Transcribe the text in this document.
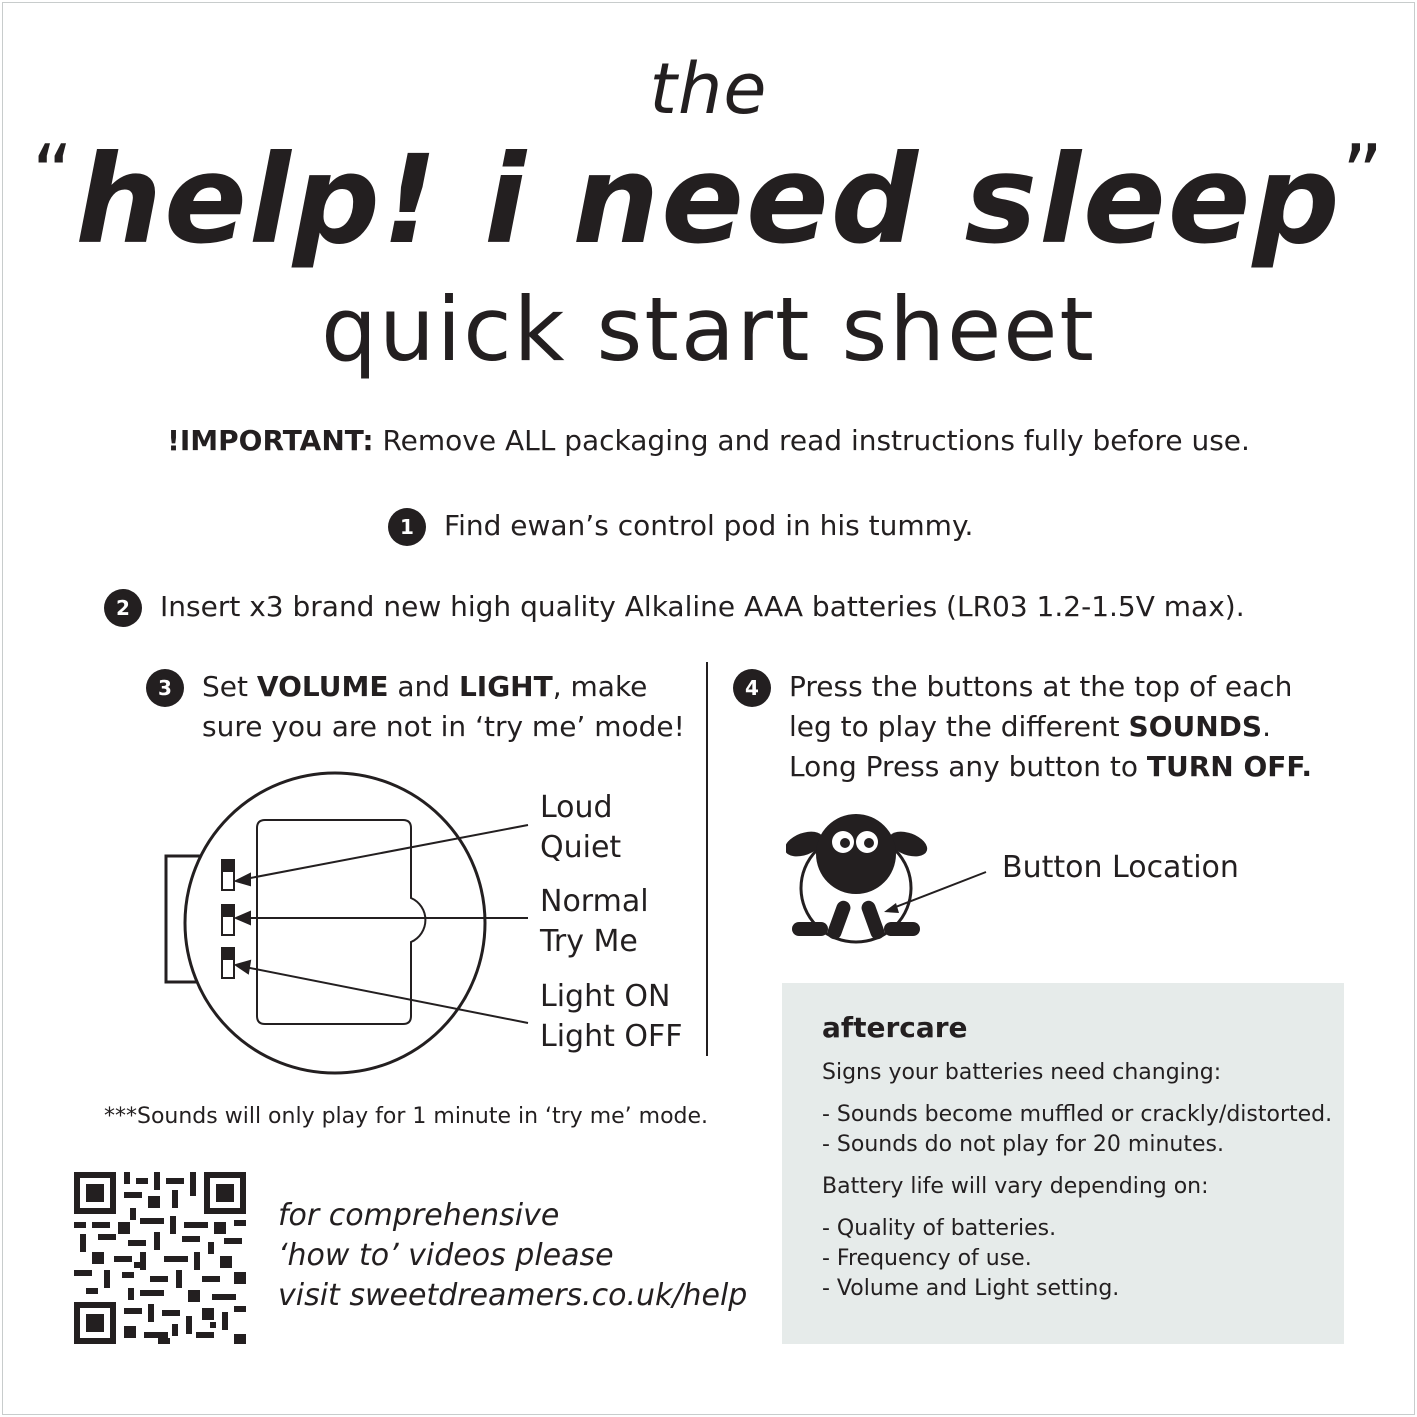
the
“help! i need sleep”
quick start sheet
!IMPORTANT: Remove ALL packaging and read instructions fully before use.
1 Find ewan’s control pod in his tummy.
2 Insert x3 brand new high quality Alkaline AAA batteries (LR03 1.2-1.5V max).
3 Set VOLUME and LIGHT, make
sure you are not in ‘try me’ mode!
4 Press the buttons at the top of each
leg to play the different SOUNDS.
Long Press any button to TURN OFF.
Loud
Quiet
Normal
Try Me
Light ON
Light OFF
Button Location
***Sounds will only play for 1 minute in ‘try me’ mode.
for comprehensive
‘how to’ videos please
visit sweetdreamers.co.uk/help
aftercare
Signs your batteries need changing:
- Sounds become muffled or crackly/distorted.
- Sounds do not play for 20 minutes.
Battery life will vary depending on:
- Quality of batteries.
- Frequency of use.
- Volume and Light setting.
